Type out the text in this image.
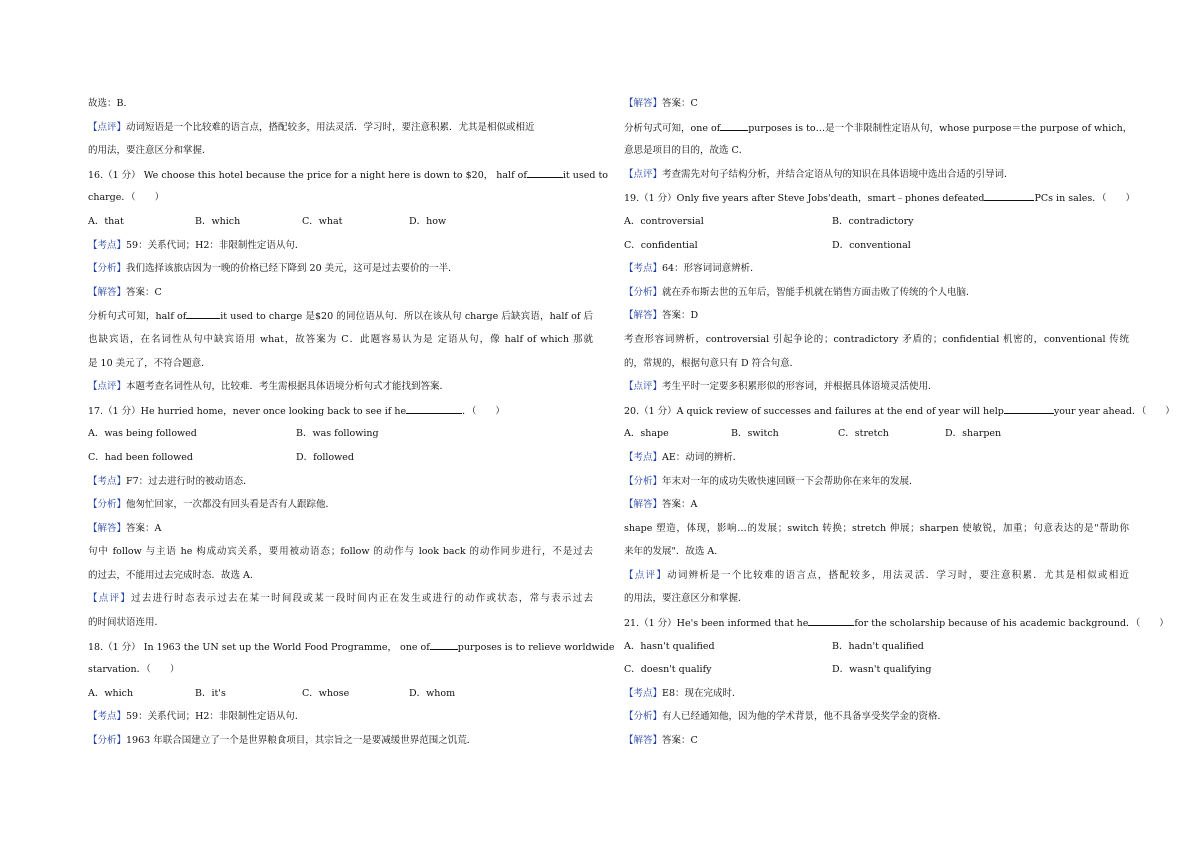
故选：B.
【点评】动词短语是一个比较难的语言点，搭配较多，用法灵活．学习时，要注意积累．尤其是相似或相近
的用法，要注意区分和掌握．
16.（1 分） We choose this hotel because the price for a night here is down to $20， half of	it used to
charge．（　　）
A．that	B．which	C．what	D．how
【考点】59：关系代词；H2：非限制性定语从句．
【分析】我们选择该旅店因为一晚的价格已经下降到 20 美元，这可是过去要价的一半．
【解答】答案：C
分析句式可知，half of	it used to charge 是$20 的同位语从句．所以在该从句 charge 后缺宾语，half of 后
也缺宾语，在名词性从句中缺宾语用 what，故答案为 C．此题容易认为是 定语从句，像 half of which 那就
是 10 美元了，不符合题意．
【点评】本题考查名词性从句，比较难．考生需根据具体语境分析句式才能找到答案．
17.（1 分）He hurried home，never once looking back to see if he	．（　　）
A．was being followed	B．was following
C．had been followed	D．followed
【考点】F7：过去进行时的被动语态．
【分析】他匆忙回家，一次都没有回头看是否有人跟踪他．
【解答】答案：A
句中 follow 与主语 he 构成动宾关系，要用被动语态；follow 的动作与 look back 的动作同步进行，不是过去
的过去，不能用过去完成时态．故选 A.
【点评】过去进行时态表示过去在某一时间段或某一段时间内正在发生或进行的动作或状态，常与表示过去
的时间状语连用．
18.（1 分） In 1963 the UN set up the World Food Programme， one of	purposes is to relieve worldwide
starvation．（　　）
A．which	B．it's	C．whose	D．whom
【考点】59：关系代词；H2：非限制性定语从句．
【分析】1963 年联合国建立了一个是世界粮食项目，其宗旨之一是要减缓世界范围之饥荒．
【解答】答案：C
分析句式可知，one of	purposes is to…是一个非限制性定语从句，whose purpose＝the purpose of which，
意思是项目的目的，故选 C．
【点评】考查需先对句子结构分析，并结合定语从句的知识在具体语境中选出合适的引导词．
19.（1 分）Only five years after Steve Jobs'death，smart﹣phones defeated	PCs in sales．（　　）
A．controversial	B．contradictory
C．confidential	D．conventional
【考点】64：形容词词意辨析．
【分析】就在乔布斯去世的五年后，智能手机就在销售方面击败了传统的个人电脑．
【解答】答案：D
考查形容词辨析，controversial 引起争论的；contradictory 矛盾的；confidential 机密的，conventional 传统
的，常规的，根据句意只有 D 符合句意．
【点评】考生平时一定要多积累形似的形容词，并根据具体语境灵活使用．
20.（1 分）A quick review of successes and failures at the end of year will help	your year ahead．（　　）
A．shape	B．switch	C．stretch	D．sharpen
【考点】AE：动词的辨析．
【分析】年末对一年的成功失败快速回顾一下会帮助你在来年的发展．
【解答】答案：A
shape 塑造，体现，影响…的发展；switch 转换；stretch 伸展；sharpen 使敏锐，加重；句意表达的是"帮助你
来年的发展"．故选 A.
【点评】动词辨析是一个比较难的语言点，搭配较多，用法灵活．学习时，要注意积累．尤其是相似或相近
的用法，要注意区分和掌握．
21.（1 分）He's been informed that he	for the scholarship because of his academic background．（　　）
A．hasn't qualified	B．hadn't qualified
C．doesn't qualify	D．wasn't qualifying
【考点】E8：现在完成时．
【分析】有人已经通知他，因为他的学术背景，他不具备享受奖学金的资格．
【解答】答案：C
